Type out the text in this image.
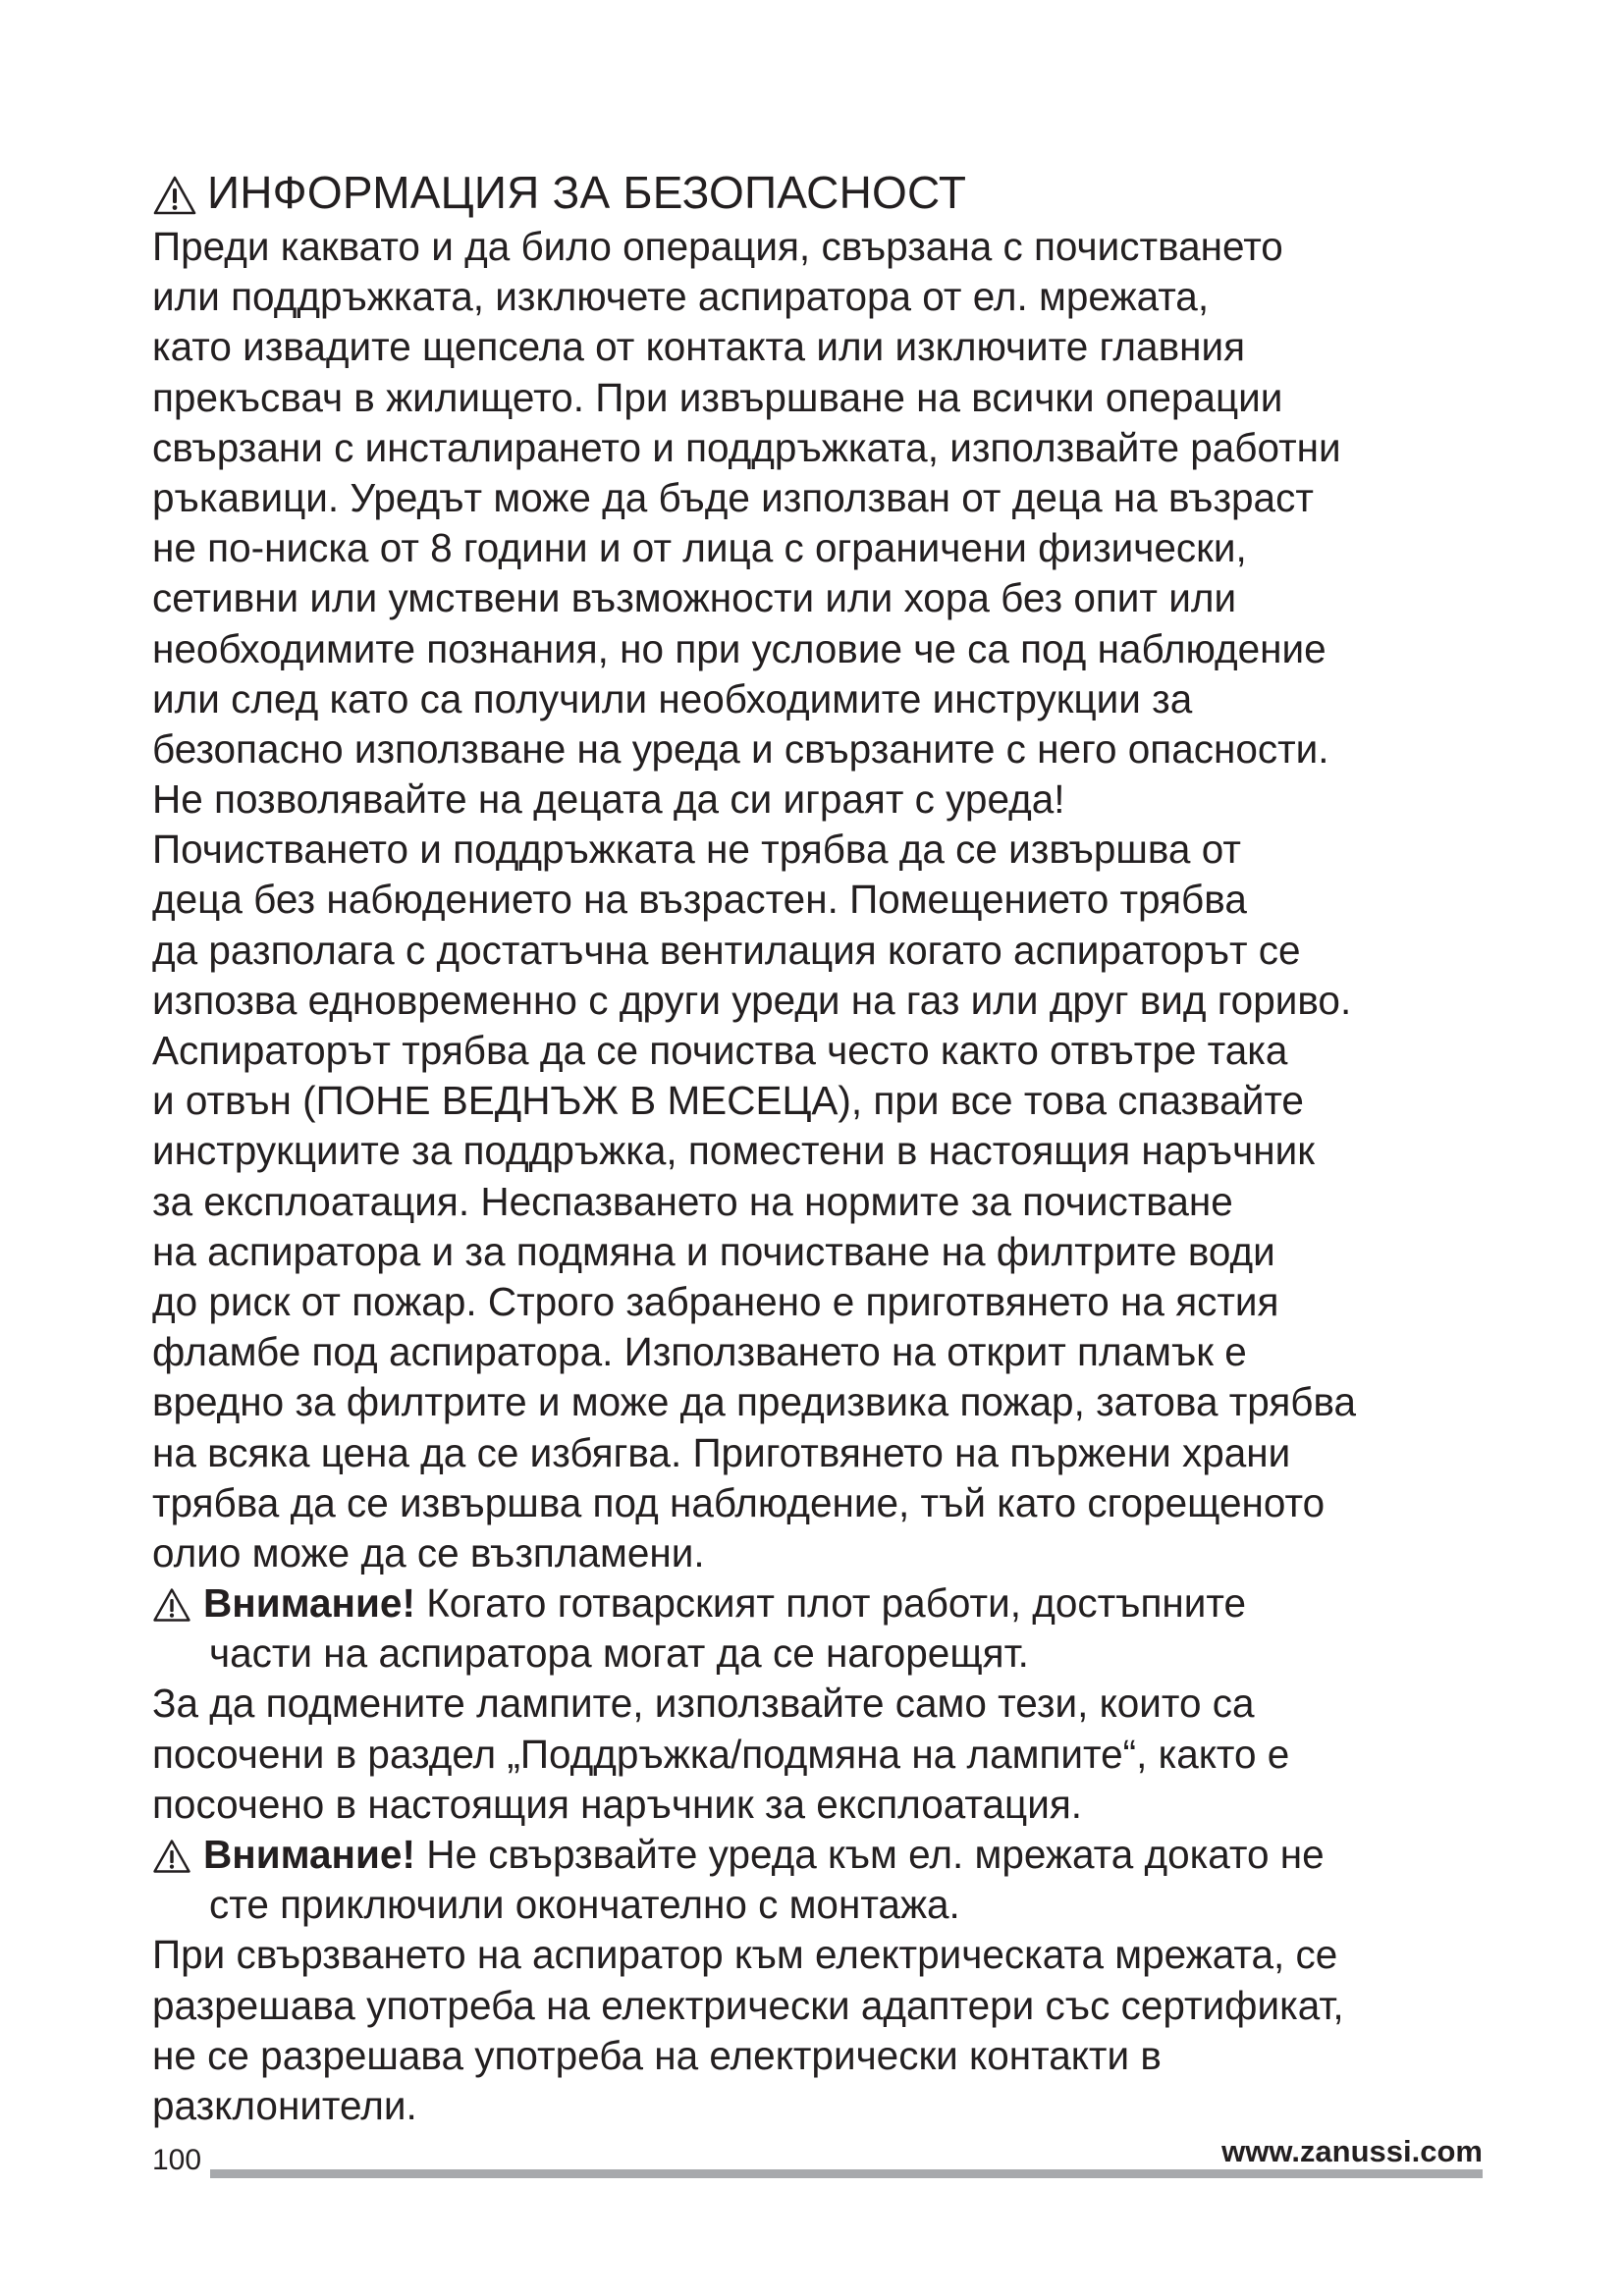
ИНФОРМАЦИЯ ЗА БЕЗОПАСНОСТ
Преди каквато и да било операция, свързана с почистването
или поддръжката, изключете аспиратора от ел. мрежата,
като извадите щепсела от контакта или изключите главния
прекъсвач в жилището. При извършване на всички операции
свързани с инсталирането и поддръжката, използвайте работни
ръкавици. Уредът може да бъде използван от деца на възраст
не по-ниска от 8 години и от лица с ограничени физически,
сетивни или умствени възможности или хора без опит или
необходимите познания, но при условие че са под наблюдение
или след като са получили необходимите инструкции за
безопасно използване на уреда и свързаните с него опасности.
Не позволявайте на децата да си играят с уреда!
Почистването и поддръжката не трябва да се извършва от
деца без набюдението на възрастен. Помещението трябва
да разполага с достатъчна вентилация когато аспираторът се
изпозва едновременно с други уреди на газ или друг вид гориво.
Аспираторът трябва да се почиства често както отвътре така
и отвън (ПОНЕ ВЕДНЪЖ В МЕСЕЦА), при все това спазвайте
инструкциите за поддръжка, поместени в настоящия наръчник
за експлоатация. Неспазването на нормите за почистване
на аспиратора и за подмяна и почистване на филтрите води
до риск от пожар. Строго забранено е приготвянето на ястия
фламбе под аспиратора. Използването на открит пламък е
вредно за филтрите и може да предизвика пожар, затова трябва
на всяка цена да се избягва. Приготвянето на пържени храни
трябва да се извършва под наблюдение, тъй като сгорещеното
олио може да се възпламени.
Внимание! Когато готварският плот работи, достъпните
части на аспиратора могат да се нагорещят.
За да подмените лампите, използвайте само тези, които са
посочени в раздел „Поддръжка/подмяна на лампите“, както е
посочено в настоящия наръчник за експлоатация.
Внимание! Не свързвайте уреда към ел. мрежата докато не
сте приключили окончателно с монтажа.
При свързването на аспиратор към електрическата мрежата, се
разрешава употреба на електрически адаптери със сертификат,
не се разрешава употреба на електрически контакти в
разклонители.
100	www.zanussi.com
